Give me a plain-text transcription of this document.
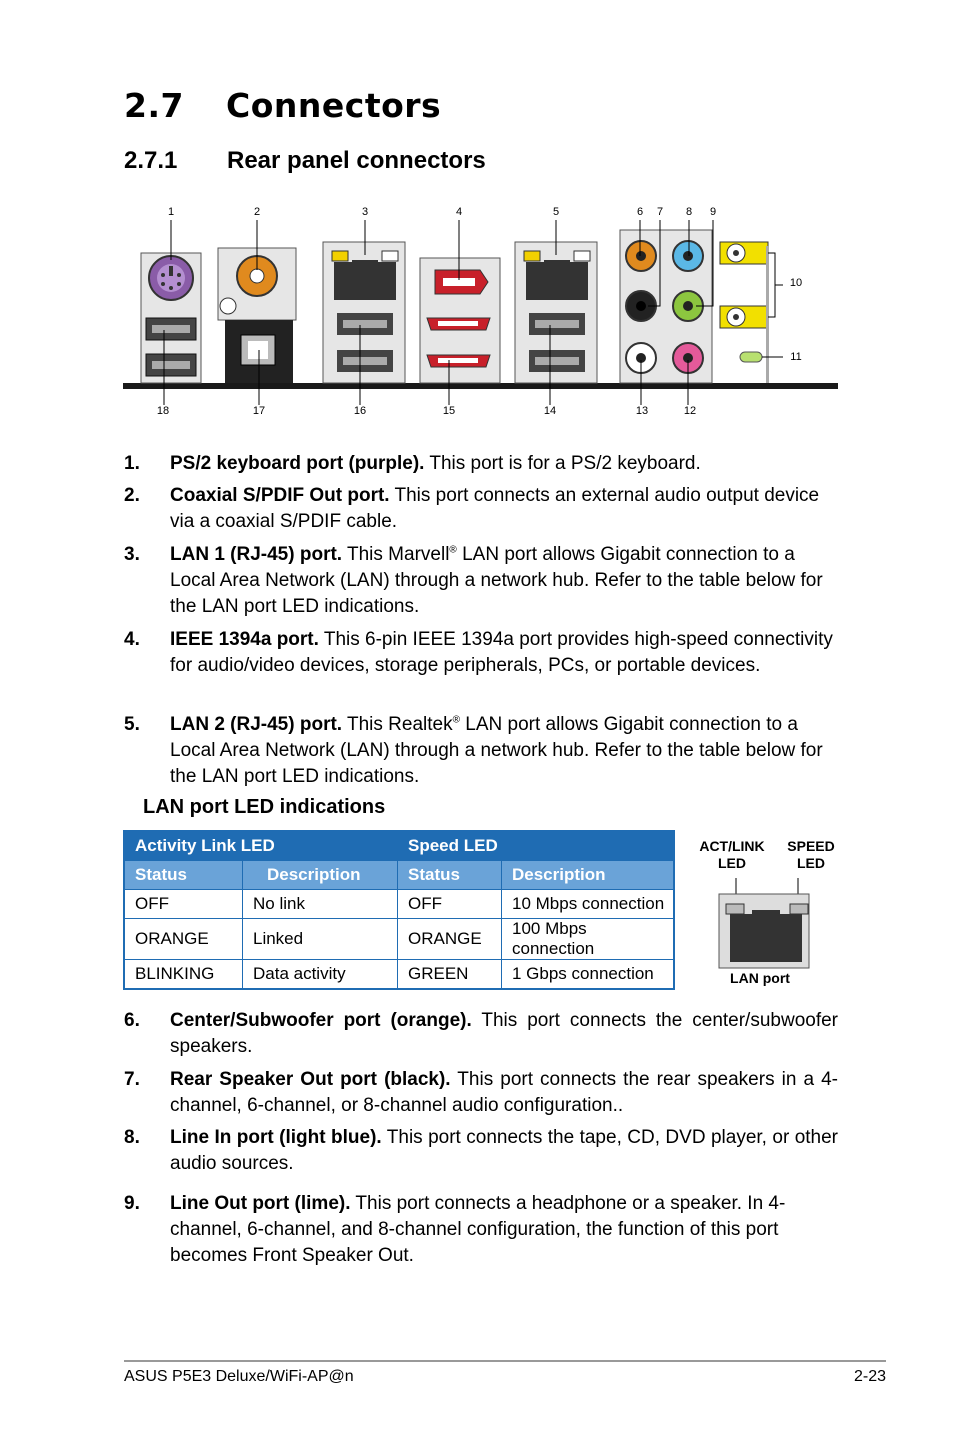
2.7 Connectors
2.7.1 Rear panel connectors
1	2	3	4	5	6	7	8	9
10
11
18	17	16	15	14	13	12
1. PS/2 keyboard port (purple). This port is for a PS/2 keyboard.
2. Coaxial S/PDIF Out port. This port connects an external audio output device via a coaxial S/PDIF cable.
3. LAN 1 (RJ-45) port. This Marvell® LAN port allows Gigabit connection to a Local Area Network (LAN) through a network hub. Refer to the table below for the LAN port LED indications.
4. IEEE 1394a port. This 6-pin IEEE 1394a port provides high-speed connectivity for audio/video devices, storage peripherals, PCs, or portable devices.
5. LAN 2 (RJ-45) port. This Realtek® LAN port allows Gigabit connection to a Local Area Network (LAN) through a network hub. Refer to the table below for the LAN port LED indications.
LAN port LED indications
Activity Link LED		Speed LED	
Status	Description	Status	Description
OFF	No link	OFF	10 Mbps connection
ORANGE	Linked	ORANGE	100 Mbps connection
BLINKING	Data activity	GREEN	1 Gbps connection
ACT/LINK
LED
SPEED
LED
LAN port
6. Center/Subwoofer port (orange). This port connects the center/subwoofer speakers.
7. Rear Speaker Out port (black). This port connects the rear speakers in a 4-channel, 6-channel, or 8-channel audio configuration..
8. Line In port (light blue). This port connects the tape, CD, DVD player, or other audio sources.
9. Line Out port (lime). This port connects a headphone or a speaker. In 4-channel, 6-channel, and 8-channel configuration, the function of this port becomes Front Speaker Out.
ASUS P5E3 Deluxe/WiFi-AP@n	2-23
